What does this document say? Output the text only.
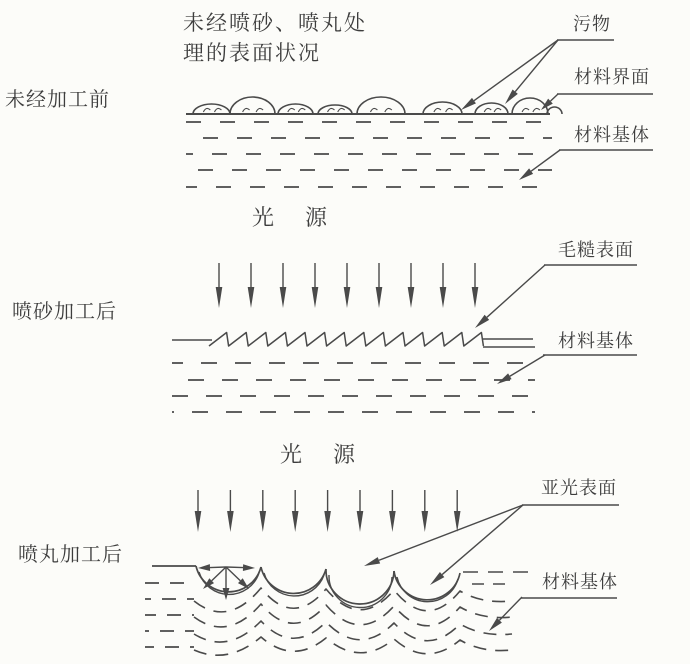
未经喷砂、喷丸处
理的表面状况
未经加工前
污物
材料界面
材料基体
光源
喷砂加工后
毛糙表面
材料基体
光源
喷丸加工后
亚光表面
材料基体
